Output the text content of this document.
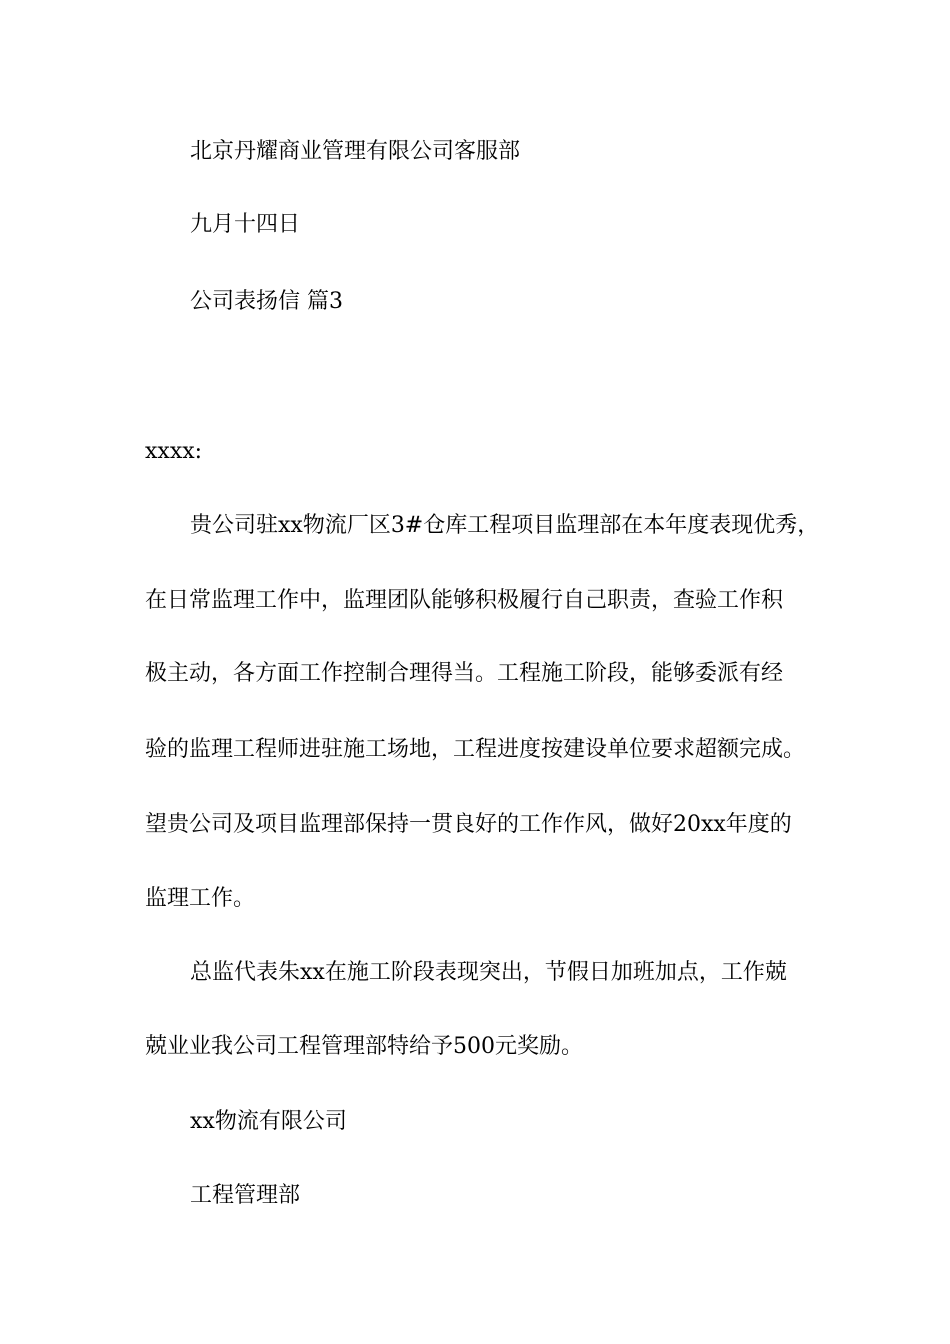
北京丹耀商业管理有限公司客服部
九月十四日
公司表扬信 篇3
xxxx:
贵公司驻xx物流厂区3#仓库工程项目监理部在本年度表现优秀，
在日常监理工作中，监理团队能够积极履行自己职责，查验工作积
极主动，各方面工作控制合理得当。工程施工阶段，能够委派有经
验的监理工程师进驻施工场地，工程进度按建设单位要求超额完成。
望贵公司及项目监理部保持一贯良好的工作作风，做好20xx年度的
监理工作。
总监代表朱xx在施工阶段表现突出，节假日加班加点，工作兢
兢业业我公司工程管理部特给予500元奖励。
xx物流有限公司
工程管理部
